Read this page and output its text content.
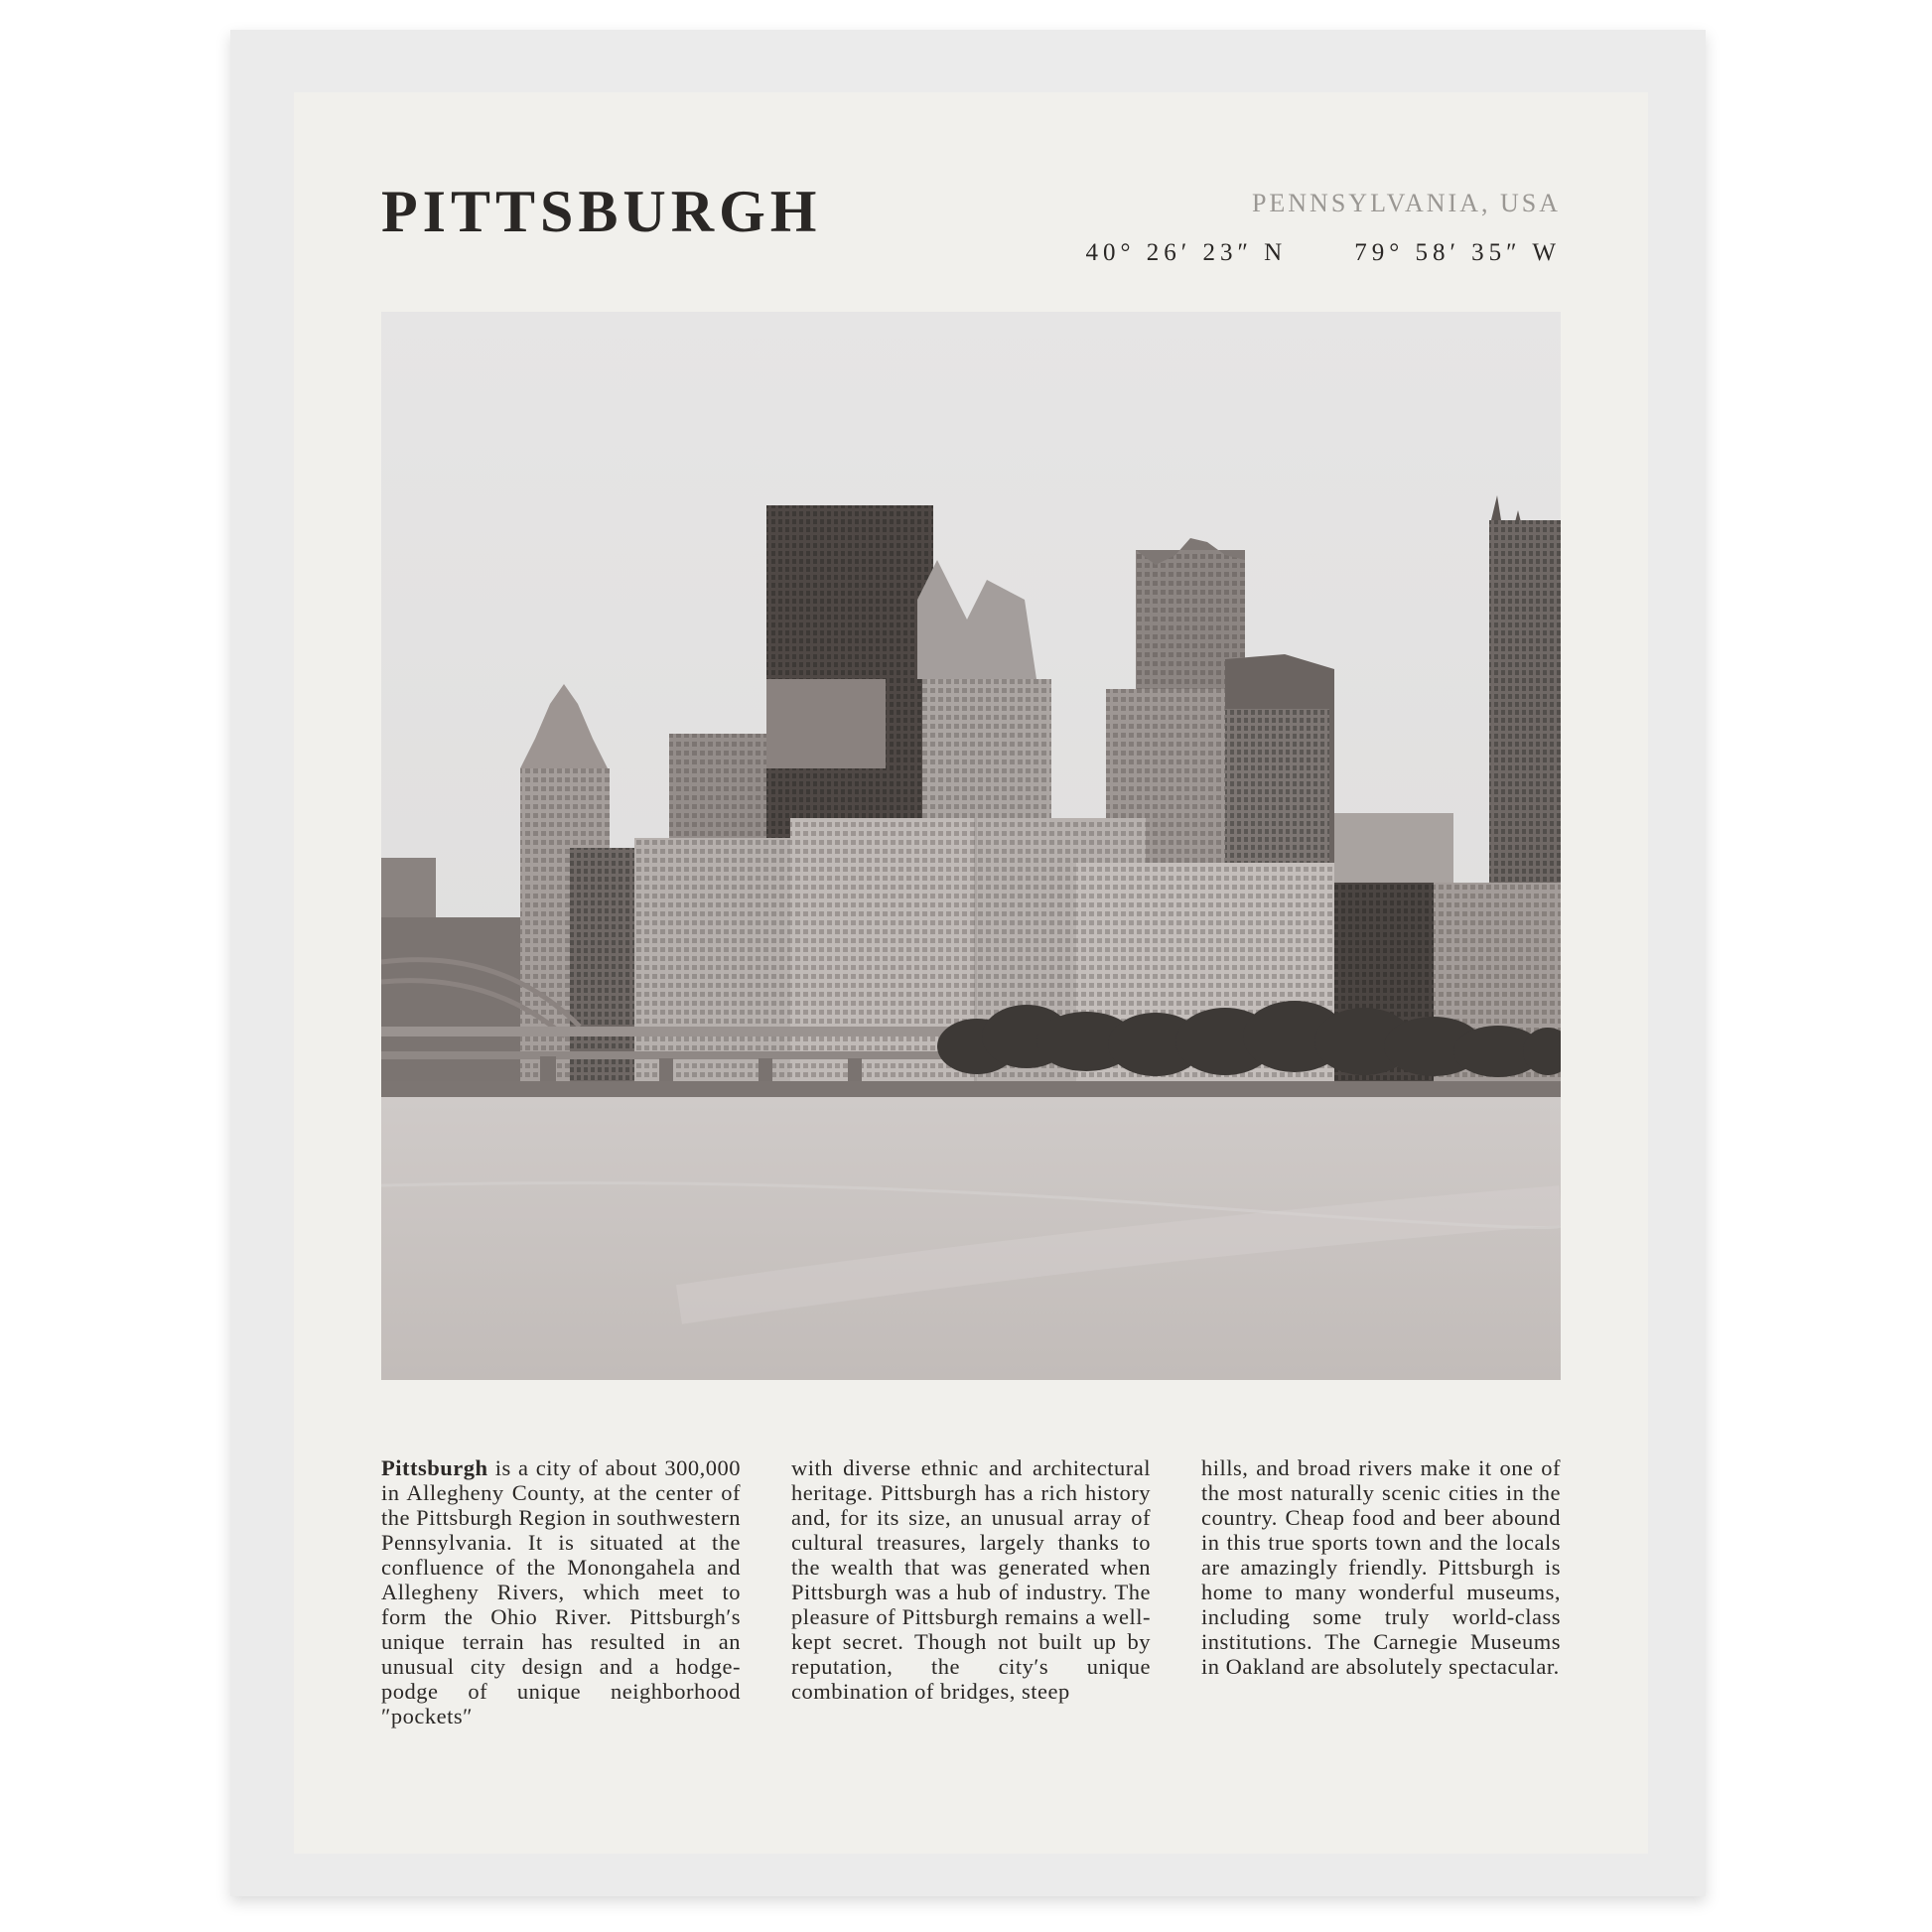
PITTSBURGH	PENNSYLVANIA, USA
40° 26′ 23″ N	79° 58′ 35″ W
Pittsburgh is a city of about 300,000 in Allegheny County, at the center of the Pittsburgh Region in southwestern Pennsylvania. It is situated at the confluence of the Monongahela and Allegheny Rivers, which meet to form the Ohio River. Pittsburgh′s unique terrain has resulted in an unusual city design and a hodge-podge of unique neighborhood ″pockets″
with diverse ethnic and architectural heritage. Pittsburgh has a rich history and, for its size, an unusual array of cultural treasures, largely thanks to the wealth that was generated when Pittsburgh was a hub of industry. The pleasure of Pittsburgh remains a well-kept secret. Though not built up by reputation, the city′s unique combination of bridges, steep
hills, and broad rivers make it one of the most naturally scenic cities in the country. Cheap food and beer abound in this true sports town and the locals are amazingly friendly. Pittsburgh is home to many wonderful museums, including some truly world-class institutions. The Carnegie Museums in Oakland are absolutely spectacular.
